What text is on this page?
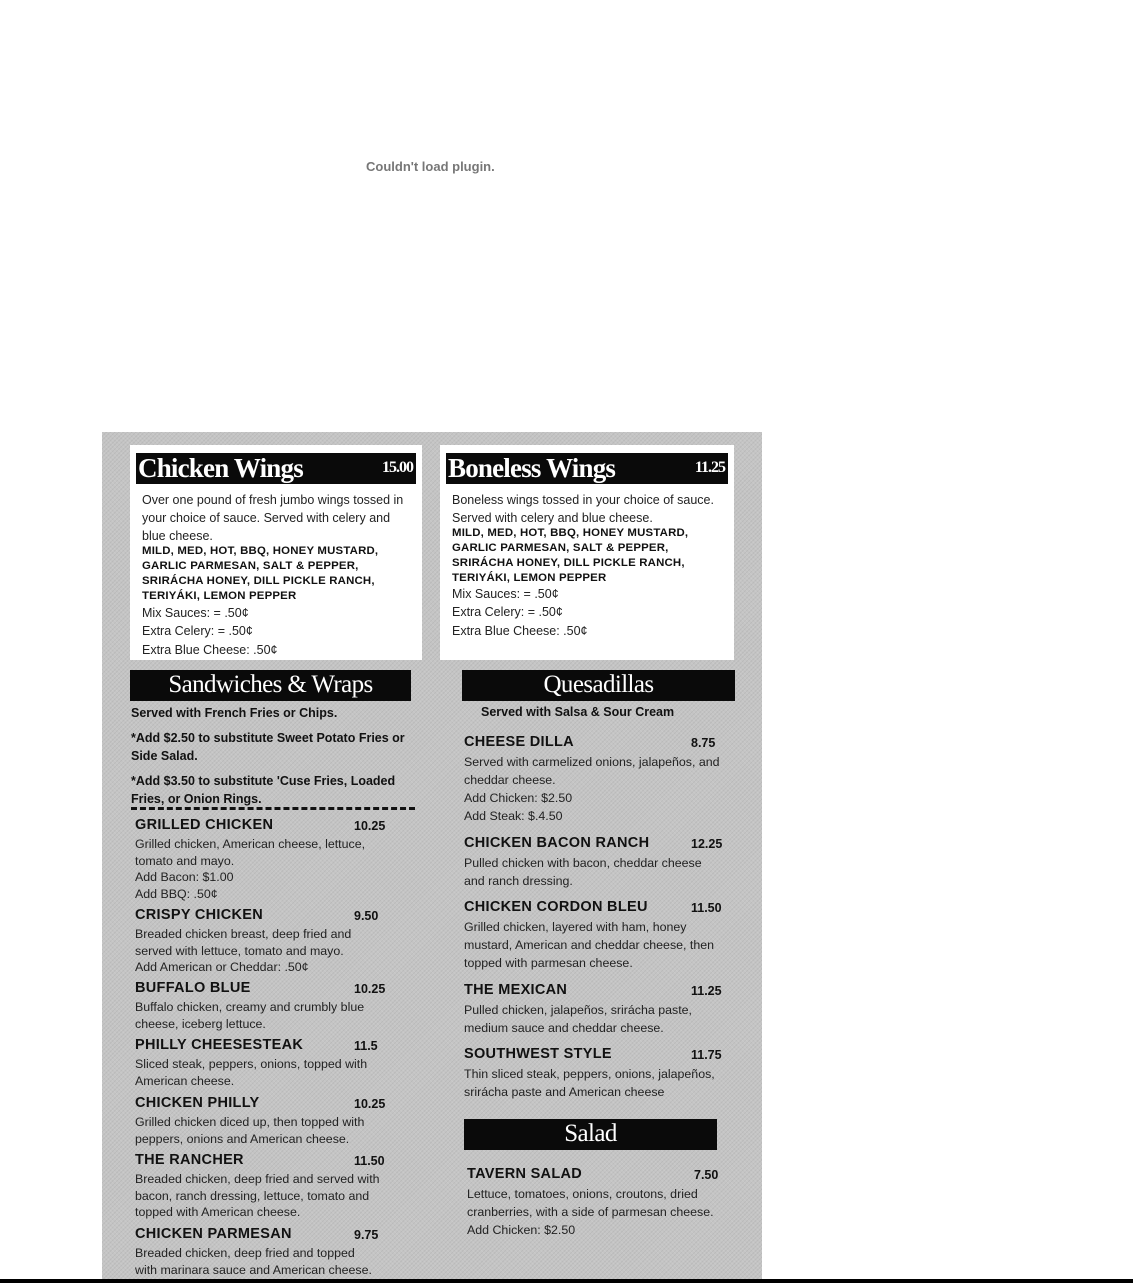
Couldn't load plugin.
Chicken Wings	15.00
Over one pound of fresh jumbo wings tossed in your choice of sauce. Served with celery and blue cheese.
MILD, MED, HOT, BBQ, HONEY MUSTARD, GARLIC PARMESAN, SALT & PEPPER, SRIRÁCHA HONEY, DILL PICKLE RANCH, TERIYÁKI, LEMON PEPPER
Mix Sauces: = .50¢
Extra Celery: = .50¢
Extra Blue Cheese: .50¢
Boneless Wings	11.25
Boneless wings tossed in your choice of sauce. Served with celery and blue cheese.
MILD, MED, HOT, BBQ, HONEY MUSTARD, GARLIC PARMESAN, SALT & PEPPER, SRIRÁCHA HONEY, DILL PICKLE RANCH, TERIYÁKI, LEMON PEPPER
Mix Sauces: = .50¢
Extra Celery: = .50¢
Extra Blue Cheese: .50¢
Sandwiches & Wraps
Served with French Fries or Chips.
*Add $2.50 to substitute Sweet Potato Fries or Side Salad.
*Add $3.50 to substitute 'Cuse Fries, Loaded Fries, or Onion Rings.
GRILLED CHICKEN	10.25
Grilled chicken, American cheese, lettuce, tomato and mayo.
Add Bacon: $1.00
Add BBQ: .50¢
CRISPY CHICKEN	9.50
Breaded chicken breast, deep fried and served with lettuce, tomato and mayo.
Add American or Cheddar: .50¢
BUFFALO BLUE	10.25
Buffalo chicken, creamy and crumbly blue cheese, iceberg lettuce.
PHILLY CHEESESTEAK	11.5
Sliced steak, peppers, onions, topped with American cheese.
CHICKEN PHILLY	10.25
Grilled chicken diced up, then topped with peppers, onions and American cheese.
THE RANCHER	11.50
Breaded chicken, deep fried and served with bacon, ranch dressing, lettuce, tomato and topped with American cheese.
CHICKEN PARMESAN	9.75
Breaded chicken, deep fried and topped with marinara sauce and American cheese.
Quesadillas
Served with Salsa & Sour Cream
CHEESE DILLA	8.75
Served with carmelized onions, jalapeños, and cheddar cheese.
Add Chicken: $2.50
Add Steak: $.4.50
CHICKEN BACON RANCH	12.25
Pulled chicken with bacon, cheddar cheese and ranch dressing.
CHICKEN CORDON BLEU	11.50
Grilled chicken, layered with ham, honey mustard, American and cheddar cheese, then topped with parmesan cheese.
THE MEXICAN	11.25
Pulled chicken, jalapeños, srirácha paste, medium sauce and cheddar cheese.
SOUTHWEST STYLE	11.75
Thin sliced steak, peppers, onions, jalapeños, srirácha paste and American cheese
Salad
TAVERN SALAD	7.50
Lettuce, tomatoes, onions, croutons, dried cranberries, with a side of parmesan cheese.
Add Chicken: $2.50
